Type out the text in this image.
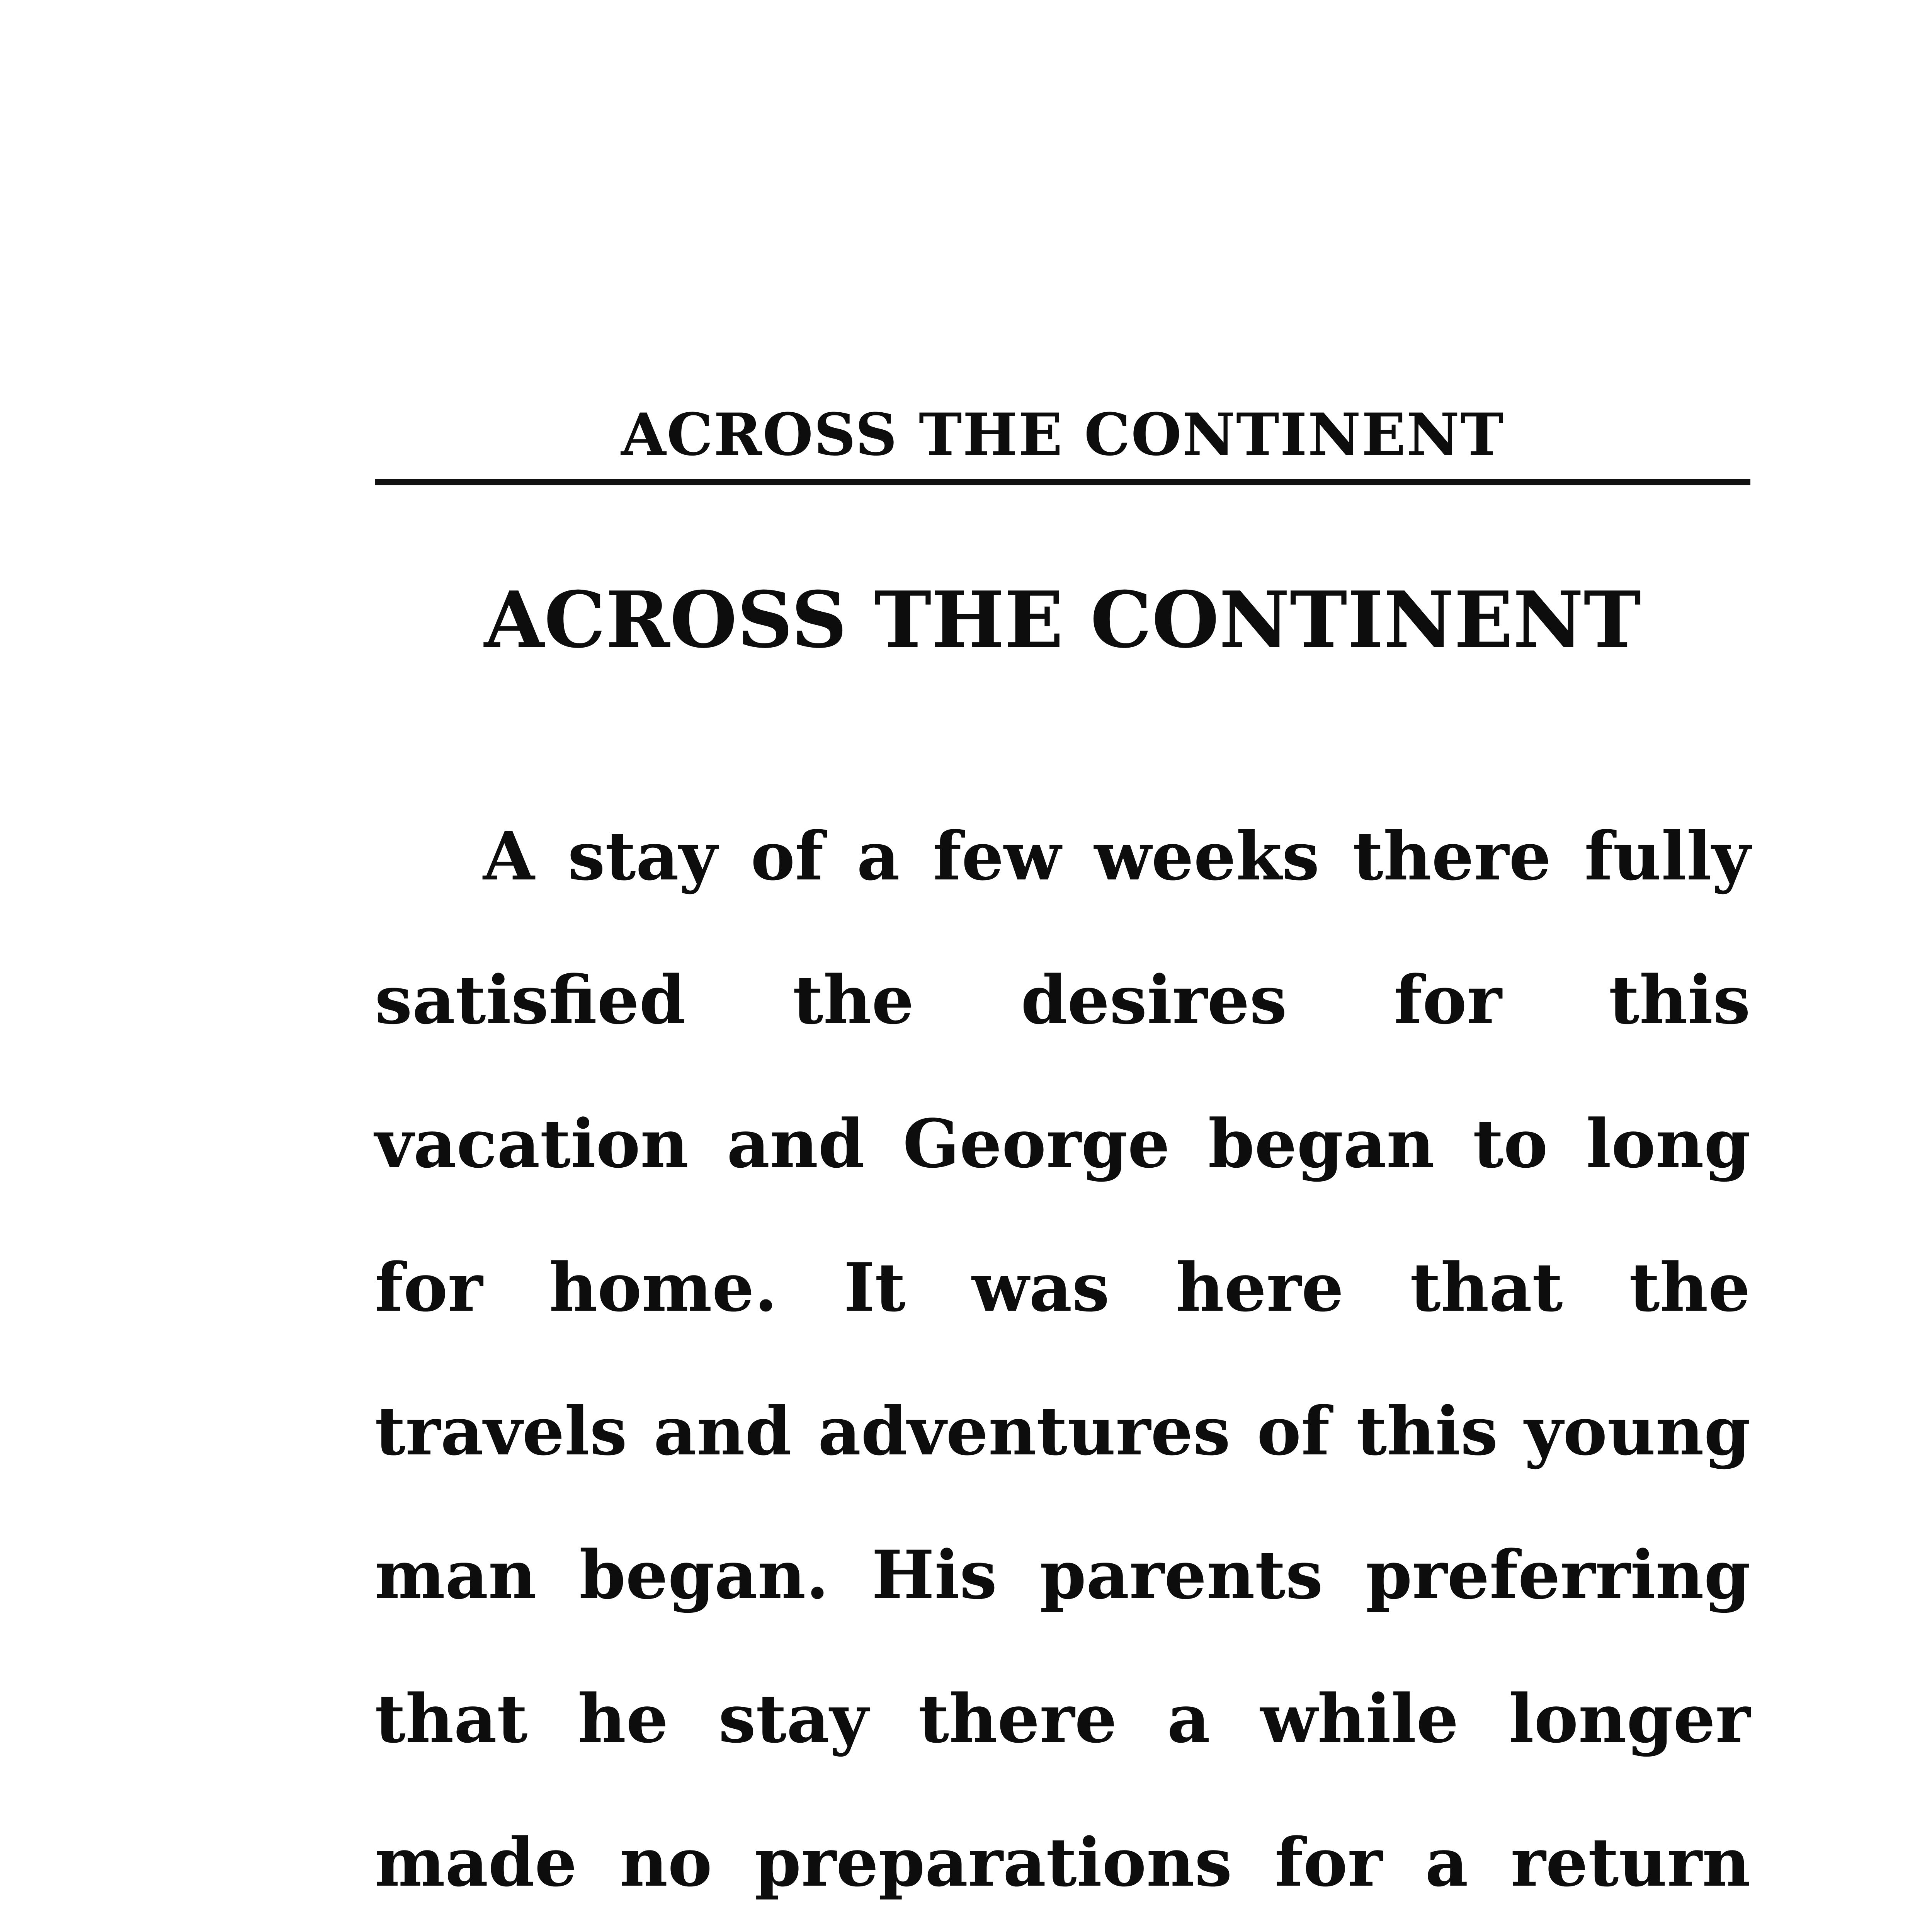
ACROSS THE CONTINENT
ACROSS THE CONTINENT

A stay of a few weeks there fully satisfied the desires for this vacation and George began to long for home. It was here that the travels and adventures of this young man began. His parents preferring that he stay there a while longer made no preparations for a return
